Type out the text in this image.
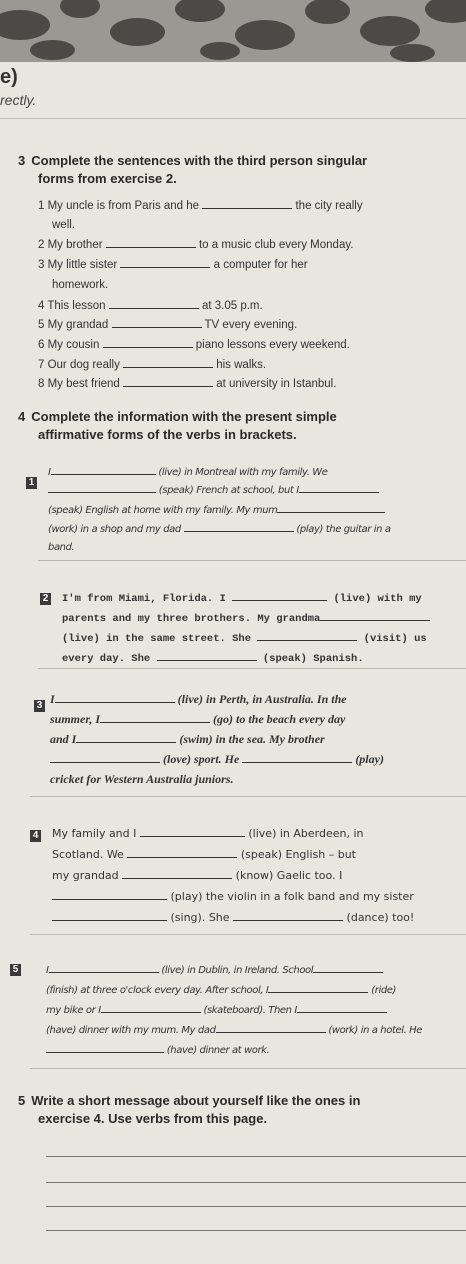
e)
rectly.
3 Complete the sentences with the third person singular
forms from exercise 2.
1 My uncle is from Paris and he	the city really
well.
2 My brother	to a music club every Monday.
3 My little sister	a computer for her
homework.
4 This lesson	at 3.05 p.m.
5 My grandad	TV every evening.
6 My cousin	piano lessons every weekend.
7 Our dog really	his walks.
8 My best friend	at university in Istanbul.
4 Complete the information with the present simple
affirmative forms of the verbs in brackets.
1
I	(live) in Montreal with my family. We
(speak) French at school, but I
(speak) English at home with my family. My mum
(work) in a shop and my dad	(play) the guitar in a
band.
2 I'm from Miami, Florida. I	(live) with my
parents and my three brothers. My grandma
(live) in the same street. She	(visit) us
every day. She	(speak) Spanish.
3 I	(live) in Perth, in Australia. In the
summer, I	(go) to the beach every day
and I	(swim) in the sea. My brother
(love) sport. He	(play)
cricket for Western Australia juniors.
4 My family and I	(live) in Aberdeen, in
Scotland. We	(speak) English – but
my grandad	(know) Gaelic too. I
(play) the violin in a folk band and my sister
(sing). She	(dance) too!
5	I	(live) in Dublin, in Ireland. School
(finish) at three o'clock every day. After school, I	(ride)
my bike or I	(skateboard). Then I
(have) dinner with my mum. My dad	(work) in a hotel. He
(have) dinner at work.
5 Write a short message about yourself like the ones in
exercise 4. Use verbs from this page.
